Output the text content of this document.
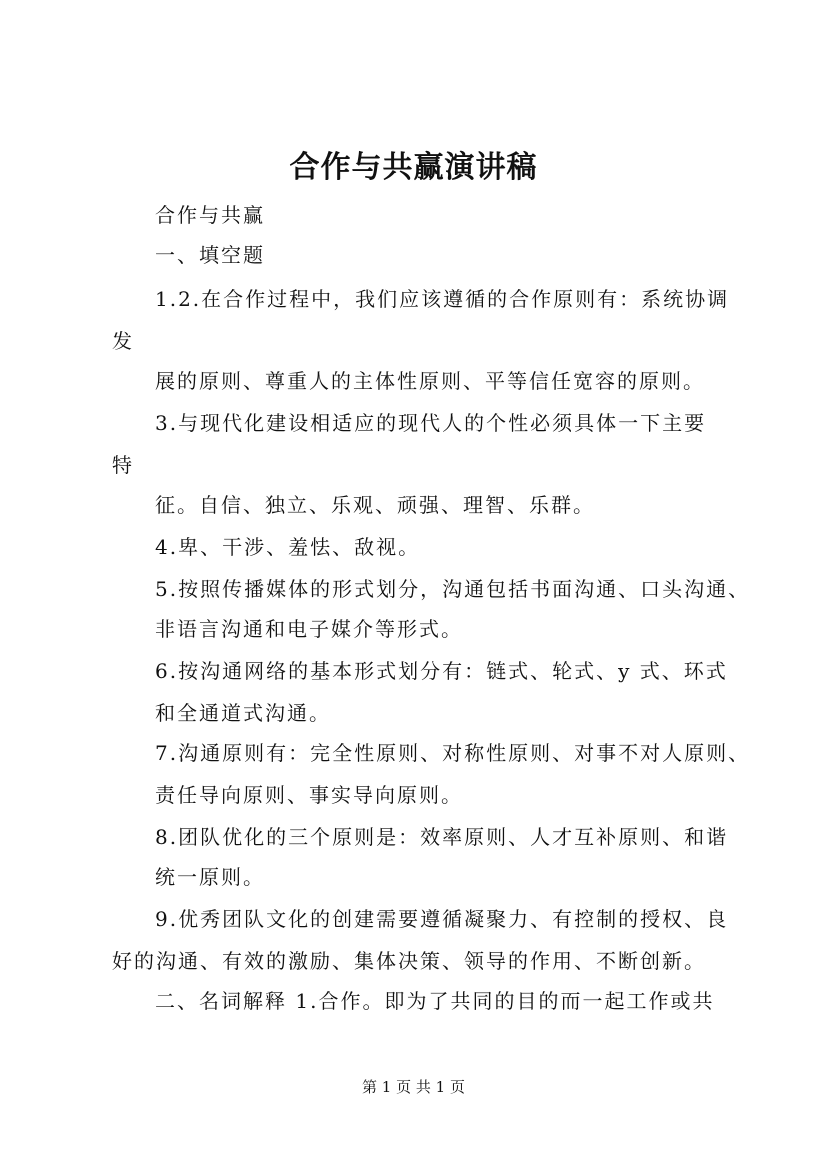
合作与共赢演讲稿
合作与共赢
一、填空题
1.2.在合作过程中，我们应该遵循的合作原则有：系统协调
发
展的原则、尊重人的主体性原则、平等信任宽容的原则。
3.与现代化建设相适应的现代人的个性必须具体一下主要
特
征。自信、独立、乐观、顽强、理智、乐群。
4.卑、干涉、羞怯、敌视。
5.按照传播媒体的形式划分，沟通包括书面沟通、口头沟通、
非语言沟通和电子媒介等形式。
6.按沟通网络的基本形式划分有：链式、轮式、y 式、环式
和全通道式沟通。
7.沟通原则有：完全性原则、对称性原则、对事不对人原则、
责任导向原则、事实导向原则。
8.团队优化的三个原则是：效率原则、人才互补原则、和谐
统一原则。
9.优秀团队文化的创建需要遵循凝聚力、有控制的授权、良
好的沟通、有效的激励、集体决策、领导的作用、不断创新。
二、名词解释 1.合作。即为了共同的目的而一起工作或共
第 1 页 共 1 页
